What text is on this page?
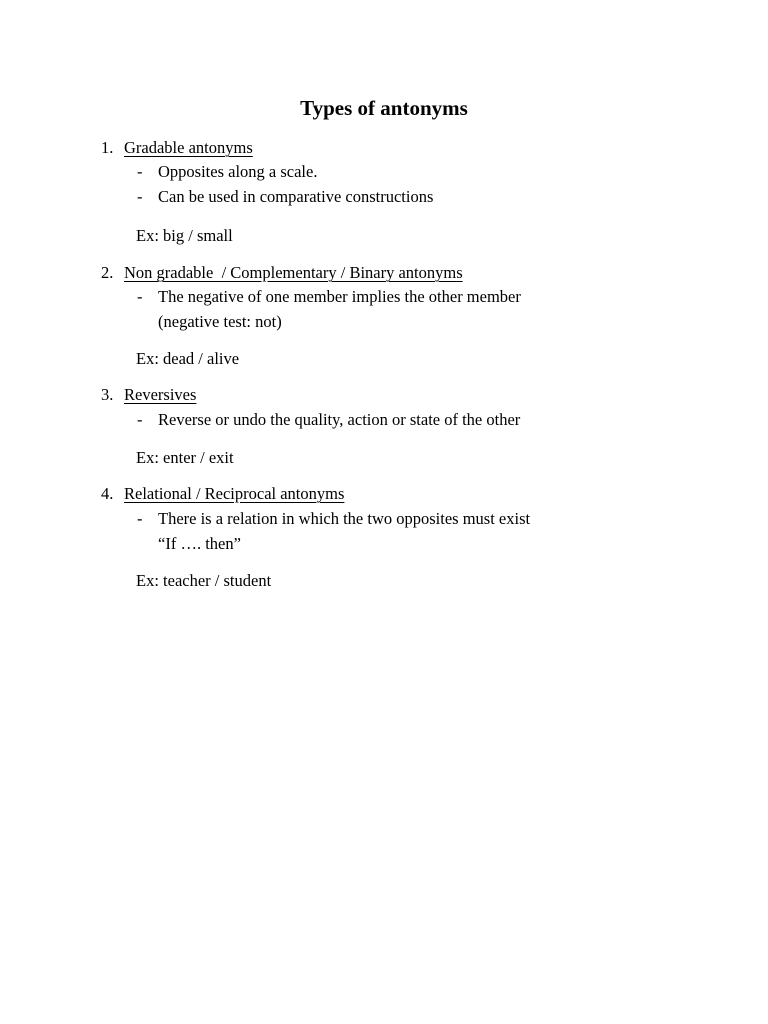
Types of antonyms
1. Gradable antonyms
- Opposites along a scale.
- Can be used in comparative constructions
Ex: big / small
2. Non gradable  / Complementary / Binary antonyms
- The negative of one member implies the other member
(negative test: not)
Ex: dead / alive
3. Reversives
- Reverse or undo the quality, action or state of the other
Ex: enter / exit
4. Relational / Reciprocal antonyms
- There is a relation in which the two opposites must exist
“If …. then”
Ex: teacher / student
